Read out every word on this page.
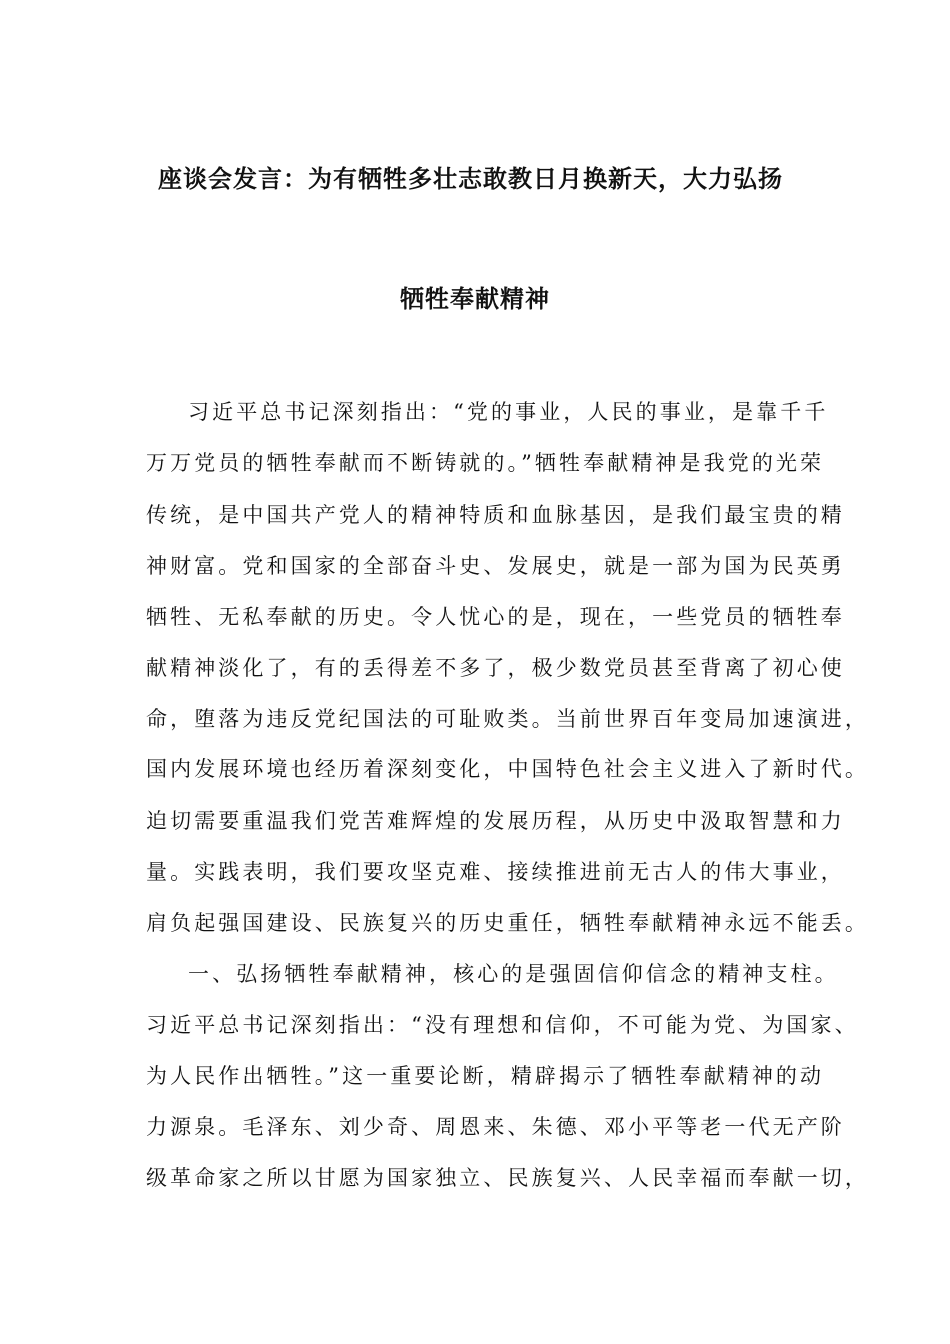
座谈会发言：为有牺牲多壮志敢教日月换新天，大力弘扬
牺牲奉献精神
习近平总书记深刻指出：“党的事业，人民的事业，是靠千千
万万党员的牺牲奉献而不断铸就的。”牺牲奉献精神是我党的光荣
传统，是中国共产党人的精神特质和血脉基因，是我们最宝贵的精
神财富。党和国家的全部奋斗史、发展史，就是一部为国为民英勇
牺牲、无私奉献的历史。令人忧心的是，现在，一些党员的牺牲奉
献精神淡化了，有的丢得差不多了，极少数党员甚至背离了初心使
命，堕落为违反党纪国法的可耻败类。当前世界百年变局加速演进，
国内发展环境也经历着深刻变化，中国特色社会主义进入了新时代。
迫切需要重温我们党苦难辉煌的发展历程，从历史中汲取智慧和力
量。实践表明，我们要攻坚克难、接续推进前无古人的伟大事业，
肩负起强国建设、民族复兴的历史重任，牺牲奉献精神永远不能丢。
一、弘扬牺牲奉献精神，核心的是强固信仰信念的精神支柱。
习近平总书记深刻指出：“没有理想和信仰，不可能为党、为国家、
为人民作出牺牲。”这一重要论断，精辟揭示了牺牲奉献精神的动
力源泉。毛泽东、刘少奇、周恩来、朱德、邓小平等老一代无产阶
级革命家之所以甘愿为国家独立、民族复兴、人民幸福而奉献一切，
